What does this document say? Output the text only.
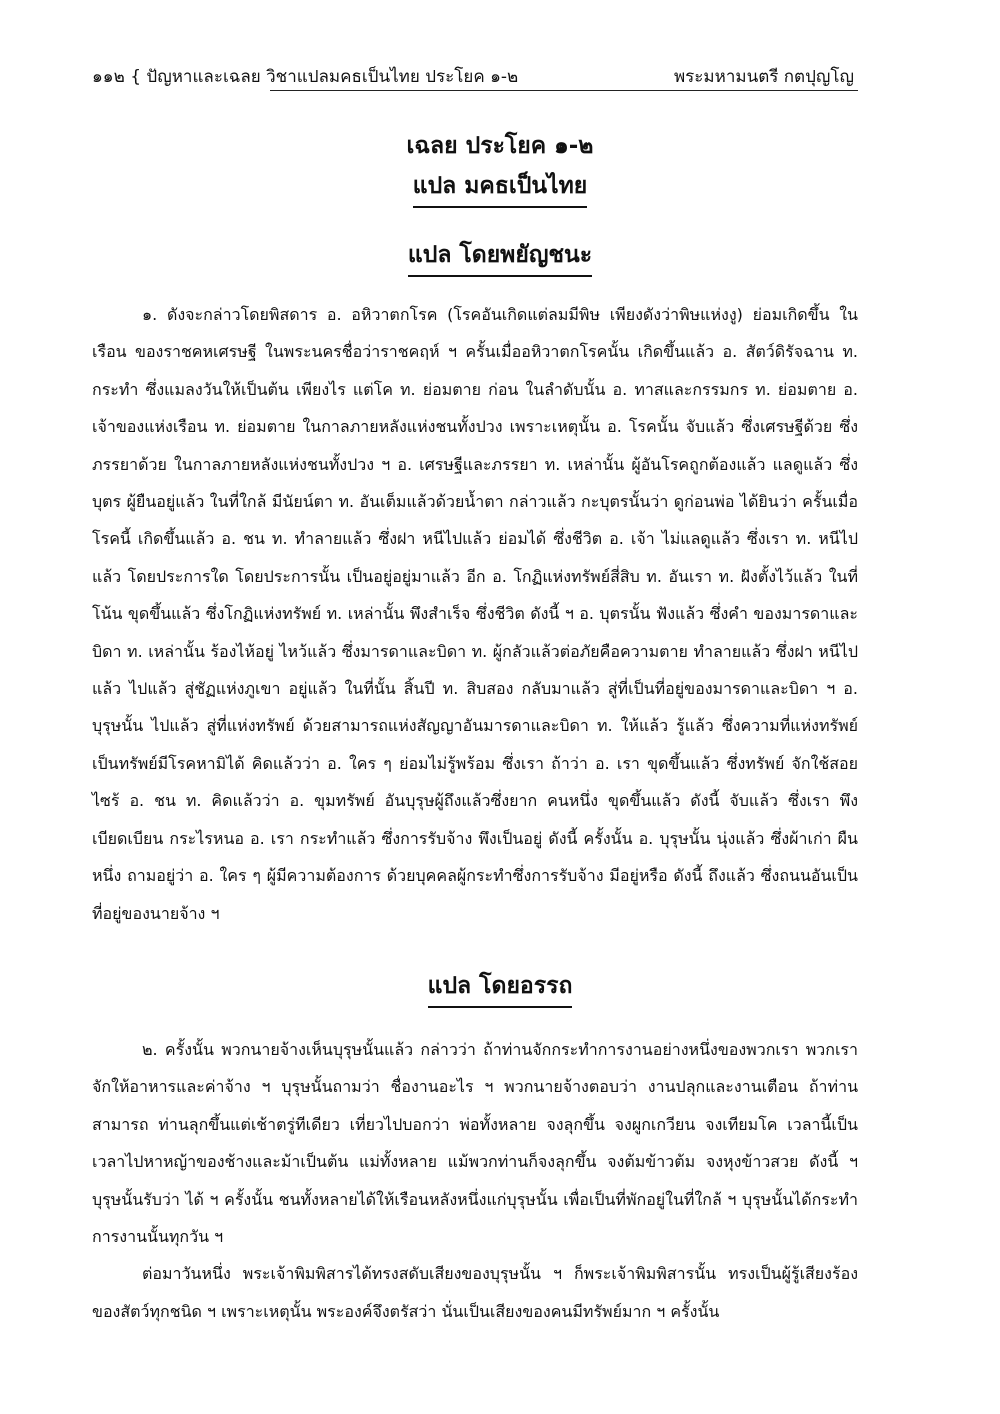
๑๑๒ { ปัญหาและเฉลย วิชาแปลมคธเป็นไทย ประโยค ๑-๒	พระมหามนตรี กตปุญโญ
เฉลย ประโยค ๑-๒
แปล มคธเป็นไทย
แปล โดยพยัญชนะ

๑. ดังจะกล่าวโดยพิสดาร อ. อหิวาตกโรค (โรคอันเกิดแต่ลมมีพิษ เพียงดังว่าพิษแห่งงู) ย่อมเกิดขึ้น ในเรือน ของราชคหเศรษฐี ในพระนครชื่อว่าราชคฤห์ ฯ ครั้นเมื่ออหิวาตกโรคนั้น เกิดขึ้นแล้ว อ. สัตว์ดิรัจฉาน ท. กระทำ ซึ่งแมลงวันให้เป็นต้น เพียงไร แต่โค ท. ย่อมตาย ก่อน ในลำดับนั้น อ. ทาสและกรรมกร ท. ย่อมตาย อ. เจ้าของแห่งเรือน ท. ย่อมตาย ในกาลภายหลังแห่งชนทั้งปวง เพราะเหตุนั้น อ. โรคนั้น จับแล้ว ซึ่งเศรษฐีด้วย ซึ่งภรรยาด้วย ในกาลภายหลังแห่งชนทั้งปวง ฯ อ. เศรษฐีและภรรยา ท. เหล่านั้น ผู้อันโรคถูกต้องแล้ว แลดูแล้ว ซึ่งบุตร ผู้ยืนอยู่แล้ว ในที่ใกล้ มีนัยน์ตา ท. อันเต็มแล้วด้วยน้ำตา กล่าวแล้ว กะบุตรนั้นว่า ดูก่อนพ่อ ได้ยินว่า ครั้นเมื่อโรคนี้ เกิดขึ้นแล้ว อ. ชน ท. ทำลายแล้ว ซึ่งฝา หนีไปแล้ว ย่อมได้ ซึ่งชีวิต อ. เจ้า ไม่แลดูแล้ว ซึ่งเรา ท. หนีไปแล้ว โดยประการใด โดยประการนั้น เป็นอยู่อยู่มาแล้ว อีก อ. โกฏิแห่งทรัพย์สี่สิบ ท. อันเรา ท. ฝังตั้งไว้แล้ว ในที่โน้น ขุดขึ้นแล้ว ซึ่งโกฏิแห่งทรัพย์ ท. เหล่านั้น พึงสำเร็จ ซึ่งชีวิต ดังนี้ ฯ อ. บุตรนั้น ฟังแล้ว ซึ่งคำ ของมารดาและบิดา ท. เหล่านั้น ร้องไห้อยู่ ไหว้แล้ว ซึ่งมารดาและบิดา ท. ผู้กลัวแล้วต่อภัยคือความตาย ทำลายแล้ว ซึ่งฝา หนีไปแล้ว ไปแล้ว สู่ชัฏแห่งภูเขา อยู่แล้ว ในที่นั้น สิ้นปี ท. สิบสอง กลับมาแล้ว สู่ที่เป็นที่อยู่ของมารดาและบิดา ฯ อ. บุรุษนั้น ไปแล้ว สู่ที่แห่งทรัพย์ ด้วยสามารถแห่งสัญญาอันมารดาและบิดา ท. ให้แล้ว รู้แล้ว ซึ่งความที่แห่งทรัพย์เป็นทรัพย์มีโรคหามิได้ คิดแล้วว่า อ. ใคร ๆ ย่อมไม่รู้พร้อม ซึ่งเรา ถ้าว่า อ. เรา ขุดขึ้นแล้ว ซึ่งทรัพย์ จักใช้สอยไซร้ อ. ชน ท. คิดแล้วว่า อ. ขุมทรัพย์ อันบุรุษผู้ถึงแล้วซึ่งยาก คนหนึ่ง ขุดขึ้นแล้ว ดังนี้ จับแล้ว ซึ่งเรา พึงเบียดเบียน กระไรหนอ อ. เรา กระทำแล้ว ซึ่งการรับจ้าง พึงเป็นอยู่ ดังนี้ ครั้งนั้น อ. บุรุษนั้น นุ่งแล้ว ซึ่งผ้าเก่า ผืนหนึ่ง ถามอยู่ว่า อ. ใคร ๆ ผู้มีความต้องการ ด้วยบุคคลผู้กระทำซึ่งการรับจ้าง มีอยู่หรือ ดังนี้ ถึงแล้ว ซึ่งถนนอันเป็นที่อยู่ของนายจ้าง ฯ

แปล โดยอรรถ

๒. ครั้งนั้น พวกนายจ้างเห็นบุรุษนั้นแล้ว กล่าวว่า ถ้าท่านจักกระทำการงานอย่างหนึ่งของพวกเรา พวกเราจักให้อาหารและค่าจ้าง ฯ บุรุษนั้นถามว่า ชื่องานอะไร ฯ พวกนายจ้างตอบว่า งานปลุกและงานเตือน ถ้าท่านสามารถ ท่านลุกขึ้นแต่เช้าตรู่ทีเดียว เที่ยวไปบอกว่า พ่อทั้งหลาย จงลุกขึ้น จงผูกเกวียน จงเทียมโค เวลานี้เป็นเวลาไปหาหญ้าของช้างและม้าเป็นต้น แม่ทั้งหลาย แม้พวกท่านก็จงลุกขึ้น จงต้มข้าวต้ม จงหุงข้าวสวย ดังนี้ ฯ บุรุษนั้นรับว่า ได้ ฯ ครั้งนั้น ชนทั้งหลายได้ให้เรือนหลังหนึ่งแก่บุรุษนั้น เพื่อเป็นที่พักอยู่ในที่ใกล้ ฯ บุรุษนั้นได้กระทำการงานนั้นทุกวัน ฯ

ต่อมาวันหนึ่ง พระเจ้าพิมพิสารได้ทรงสดับเสียงของบุรุษนั้น ฯ ก็พระเจ้าพิมพิสารนั้น ทรงเป็นผู้รู้เสียงร้องของสัตว์ทุกชนิด ฯ เพราะเหตุนั้น พระองค์จึงตรัสว่า นั่นเป็นเสียงของคนมีทรัพย์มาก ฯ ครั้งนั้น
